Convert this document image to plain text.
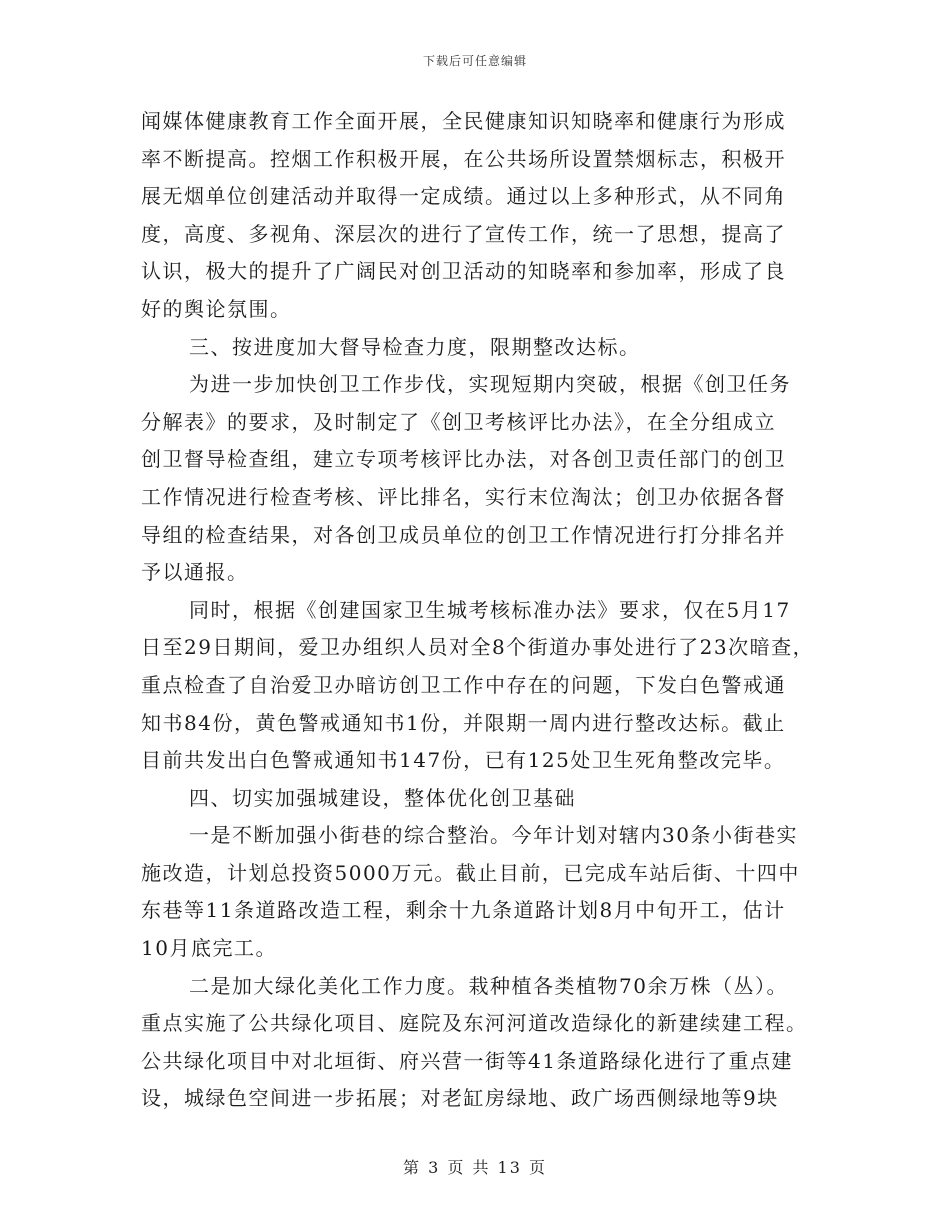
下载后可任意编辑
闻媒体健康教育工作全面开展，全民健康知识知晓率和健康行为形成
率不断提高。控烟工作积极开展，在公共场所设置禁烟标志，积极开
展无烟单位创建活动并取得一定成绩。通过以上多种形式，从不同角
度，高度、多视角、深层次的进行了宣传工作，统一了思想，提高了
认识，极大的提升了广阔民对创卫活动的知晓率和参加率，形成了良
好的舆论氛围。
三、按进度加大督导检查力度，限期整改达标。
为进一步加快创卫工作步伐，实现短期内突破，根据《创卫任务
分解表》的要求，及时制定了《创卫考核评比办法》，在全分组成立
创卫督导检查组，建立专项考核评比办法，对各创卫责任部门的创卫
工作情况进行检查考核、评比排名，实行末位淘汰；创卫办依据各督
导组的检查结果，对各创卫成员单位的创卫工作情况进行打分排名并
予以通报。
同时，根据《创建国家卫生城考核标准办法》要求，仅在5月17
日至29日期间，爱卫办组织人员对全8个街道办事处进行了23次暗查，
重点检查了自治爱卫办暗访创卫工作中存在的问题，下发白色警戒通
知书84份，黄色警戒通知书1份，并限期一周内进行整改达标。截止
目前共发出白色警戒通知书147份，已有125处卫生死角整改完毕。
四、切实加强城建设，整体优化创卫基础
一是不断加强小街巷的综合整治。今年计划对辖内30条小街巷实
施改造，计划总投资5000万元。截止目前，已完成车站后街、十四中
东巷等11条道路改造工程，剩余十九条道路计划8月中旬开工，估计
10月底完工。
二是加大绿化美化工作力度。栽种植各类植物70余万株（丛）。
重点实施了公共绿化项目、庭院及东河河道改造绿化的新建续建工程。
公共绿化项目中对北垣街、府兴营一街等41条道路绿化进行了重点建
设，城绿色空间进一步拓展；对老缸房绿地、政广场西侧绿地等9块
第 3 页 共 13 页
